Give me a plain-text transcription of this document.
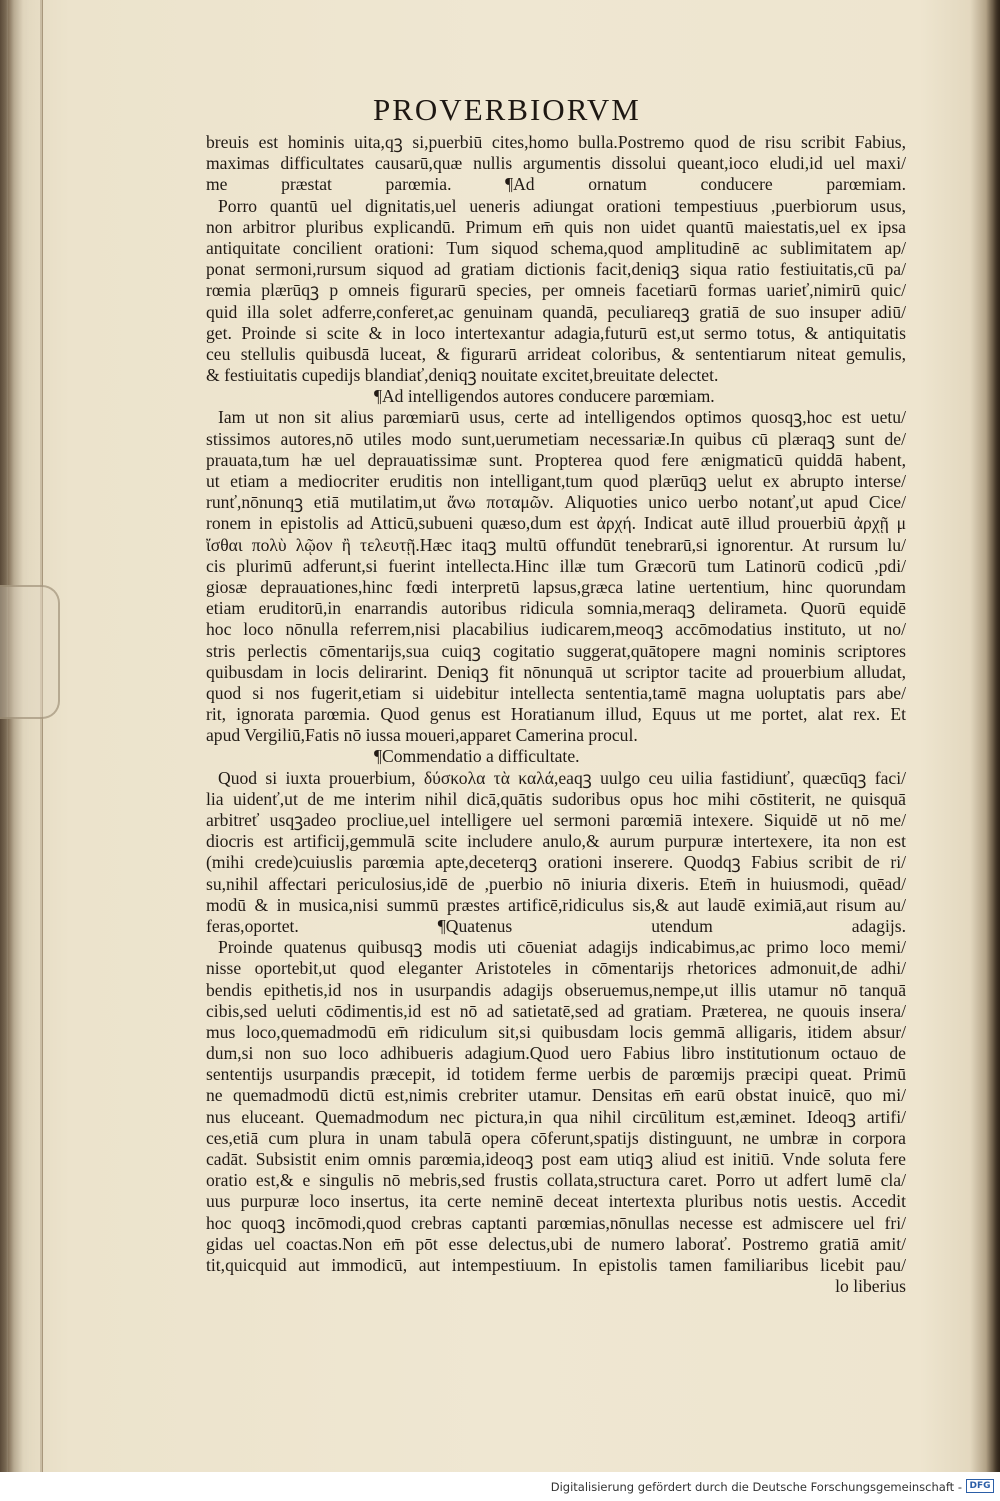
PROVERBIORVM
breuis est hominis uita,qꝫ si,puerbiū cites,homo bulla.Postremo quod de risu scribit Fabius,
maximas difficultates causarū,quæ nullis argumentis dissolui queant,ioco eludi,id uel maxi/
me præstat parœmia. ¶Ad ornatum conducere parœmiam.
Porro quantū uel dignitatis,uel ueneris adiungat orationi tempestiuus ,puerbiorum usus,
non arbitror pluribus explicandū. Primum em̄ quis non uidet quantū maiestatis,uel ex ipsa
antiquitate concilient orationi: Tum siquod schema,quod amplitudinē ac sublimitatem ap/
ponat sermoni,rursum siquod ad gratiam dictionis facit,deniqꝫ siqua ratio festiuitatis,cū pa/
rœmia plærūqꝫ p omneis figurarū species, per omneis facetiarū formas uarieť,nimirū quic/
quid illa solet adferre,conferet,ac genuinam quandā, peculiareqꝫ gratiā de suo insuper adiū/
get. Proinde si scite & in loco intertexantur adagia,futurū est,ut sermo totus, & antiquitatis
ceu stellulis quibusdā luceat, & figurarū arrideat coloribus, & sententiarum niteat gemulis,
& festiuitatis cupedijs blandiať,deniqꝫ nouitate excitet,breuitate delectet.
¶Ad intelligendos autores conducere parœmiam.
Iam ut non sit alius parœmiarū usus, certe ad intelligendos optimos quosqꝫ,hoc est uetu/
stissimos autores,nō utiles modo sunt,uerumetiam necessariæ.In quibus cū plæraqꝫ sunt de/
prauata,tum hæ uel deprauatissimæ sunt. Propterea quod fere ænigmaticū quiddā habent,
ut etiam a mediocriter eruditis non intelligant,tum quod plærūqꝫ uelut ex abrupto interse/
runť,nōnunqꝫ etiā mutilatim,ut ἄνω ποταμῶν. Aliquoties unico uerbo notanť,ut apud Cice/
ronem in epistolis ad Atticū,subueni quæso,dum est ἀρχή. Indicat autē illud prouerbiū ἀρχῇ μ
ἴσθαι πολὺ λῷον ἢ τελευτῇ.Hæc itaqꝫ multū offundūt tenebrarū,si ignorentur. At rursum lu/
cis plurimū adferunt,si fuerint intellecta.Hinc illæ tum Græcorū tum Latinorū codicū ,pdi/
giosæ deprauationes,hinc fœdi interpretū lapsus,græca latine uertentium, hinc quorundam
etiam eruditorū,in enarrandis autoribus ridicula somnia,meraqꝫ delirameta. Quorū equidē
hoc loco nōnulla referrem,nisi placabilius iudicarem,meoqꝫ accōmodatius instituto, ut no/
stris perlectis cōmentarijs,sua cuiqꝫ cogitatio suggerat,quātopere magni nominis scriptores
quibusdam in locis delirarint. Deniqꝫ fit nōnunquā ut scriptor tacite ad prouerbium alludat,
quod si nos fugerit,etiam si uidebitur intellecta sententia,tamē magna uoluptatis pars abe/
rit, ignorata parœmia. Quod genus est Horatianum illud, Equus ut me portet, alat rex. Et
apud Vergiliū,Fatis nō iussa moueri,apparet Camerina procul.
¶Commendatio a difficultate.
Quod si iuxta prouerbium, δύσκολα τὰ καλά,eaqꝫ uulgo ceu uilia fastidiunť, quæcūqꝫ faci/
lia uidenť,ut de me interim nihil dicā,quātis sudoribus opus hoc mihi cōstiterit, ne quisquā
arbitreť usqꝫadeo procliue,uel intelligere uel sermoni parœmiā intexere. Siquidē ut nō me/
diocris est artificij,gemmulā scite includere anulo,& aurum purpuræ intertexere, ita non est
(mihi crede)cuiuslis parœmia apte,deceterqꝫ orationi inserere. Quodqꝫ Fabius scribit de ri/
su,nihil affectari periculosius,idē de ,puerbio nō iniuria dixeris. Etem̄ in huiusmodi, quēad/
modū & in musica,nisi summū præstes artificē,ridiculus sis,& aut laudē eximiā,aut risum au/
feras,oportet. ¶Quatenus utendum adagijs.
Proinde quatenus quibusqꝫ modis uti cōueniat adagijs indicabimus,ac primo loco memi/
nisse oportebit,ut quod eleganter Aristoteles in cōmentarijs rhetorices admonuit,de adhi/
bendis epithetis,id nos in usurpandis adagijs obseruemus,nempe,ut illis utamur nō tanquā
cibis,sed ueluti cōdimentis,id est nō ad satietatē,sed ad gratiam. Præterea, ne quouis insera/
mus loco,quemadmodū em̄ ridiculum sit,si quibusdam locis gemmā alligaris, itidem absur/
dum,si non suo loco adhibueris adagium.Quod uero Fabius libro institutionum octauo de
sententijs usurpandis præcepit, id totidem ferme uerbis de parœmijs præcipi queat. Primū
ne quemadmodū dictū est,nimis crebriter utamur. Densitas em̄ earū obstat inuicē, quo mi/
nus eluceant. Quemadmodum nec pictura,in qua nihil circūlitum est,æminet. Ideoqꝫ artifi/
ces,etiā cum plura in unam tabulā opera cōferunt,spatijs distinguunt, ne umbræ in corpora
cadāt. Subsistit enim omnis parœmia,ideoqꝫ post eam utiqꝫ aliud est initiū. Vnde soluta fere
oratio est,& e singulis nō mebris,sed frustis collata,structura caret. Porro ut adfert lumē cla/
uus purpuræ loco insertus, ita certe neminē deceat intertexta pluribus notis uestis. Accedit
hoc quoqꝫ incōmodi,quod crebras captanti parœmias,nōnullas necesse est admiscere uel fri/
gidas uel coactas.Non em̄ pōt esse delectus,ubi de numero laborať. Postremo gratiā amit/
tit,quicquid aut immodicū, aut intempestiuum. In epistolis tamen familiaribus licebit pau/
lo liberius
Digitalisierung gefördert durch die Deutsche Forschungsgemeinschaft - DFG
